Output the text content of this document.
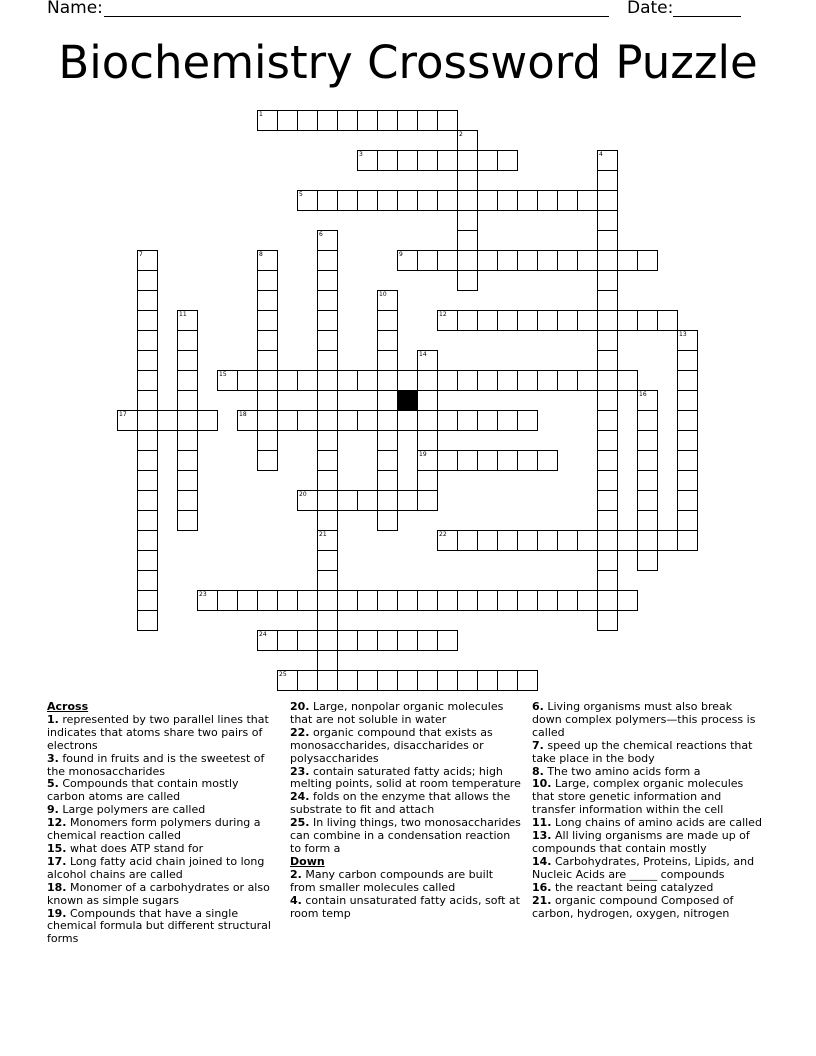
Name:	Date:
Biochemistry Crossword Puzzle
1
2
3	4
5
6
7	8	9
10
11	12
13
14
15
16
17	18
19
20
21	22
23
24
25
Across
1. represented by two parallel lines that indicates that atoms share two pairs of electrons
3. found in fruits and is the sweetest of the monosaccharides
5. Compounds that contain mostly carbon atoms are called
9. Large polymers are called
12. Monomers form polymers during a chemical reaction called
15. what does ATP stand for
17. Long fatty acid chain joined to long alcohol chains are called
18. Monomer of a carbohydrates or also known as simple sugars
19. Compounds that have a single chemical formula but different structural forms
20. Large, nonpolar organic molecules that are not soluble in water
22. organic compound that exists as monosaccharides, disaccharides or polysaccharides
23. contain saturated fatty acids; high melting points, solid at room temperature
24. folds on the enzyme that allows the substrate to fit and attach
25. In living things, two monosaccharides can combine in a condensation reaction to form a
Down
2. Many carbon compounds are built from smaller molecules called
4. contain unsaturated fatty acids, soft at room temp
6. Living organisms must also break down complex polymers—this process is called
7. speed up the chemical reactions that take place in the body
8. The two amino acids form a
10. Large, complex organic molecules that store genetic information and transfer information within the cell
11. Long chains of amino acids are called
13. All living organisms are made up of compounds that contain mostly
14. Carbohydrates, Proteins, Lipids, and Nucleic Acids are _____ compounds
16. the reactant being catalyzed
21. organic compound Composed of carbon, hydrogen, oxygen, nitrogen
